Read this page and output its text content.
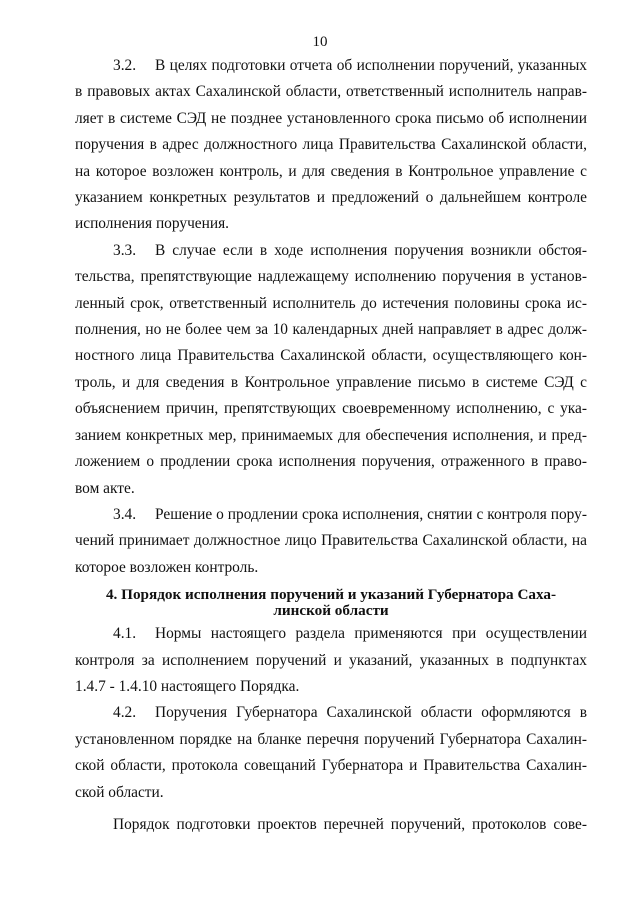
10

3.2. В целях подготовки отчета об исполнении поручений, указанных

в правовых актах Сахалинской области, ответственный исполнитель направ-

ляет в системе СЭД не позднее установленного срока письмо об исполнении

поручения в адрес должностного лица Правительства Сахалинской области,

на которое возложен контроль, и для сведения в Контрольное управление с

указанием конкретных результатов и предложений о дальнейшем контроле

исполнения поручения.

3.3. В случае если в ходе исполнения поручения возникли обстоя-

тельства, препятствующие надлежащему исполнению поручения в установ-

ленный срок, ответственный исполнитель до истечения половины срока ис-

полнения, но не более чем за 10 календарных дней направляет в адрес долж-

ностного лица Правительства Сахалинской области, осуществляющего кон-

троль, и для сведения в Контрольное управление письмо в системе СЭД с

объяснением причин, препятствующих своевременному исполнению, с ука-

занием конкретных мер, принимаемых для обеспечения исполнения, и пред-

ложением о продлении срока исполнения поручения, отраженного в право-

вом акте.

3.4. Решение о продлении срока исполнения, снятии с контроля пору-

чений принимает должностное лицо Правительства Сахалинской области, на

которое возложен контроль.

4. Порядок исполнения поручений и указаний Губернатора Саха-
линской области

4.1. Нормы настоящего раздела применяются при осуществлении

контроля за исполнением поручений и указаний, указанных в подпунктах

1.4.7 - 1.4.10 настоящего Порядка.

4.2. Поручения Губернатора Сахалинской области оформляются в

установленном порядке на бланке перечня поручений Губернатора Сахалин-

ской области, протокола совещаний Губернатора и Правительства Сахалин-

ской области.

Порядок подготовки проектов перечней поручений, протоколов сове-
